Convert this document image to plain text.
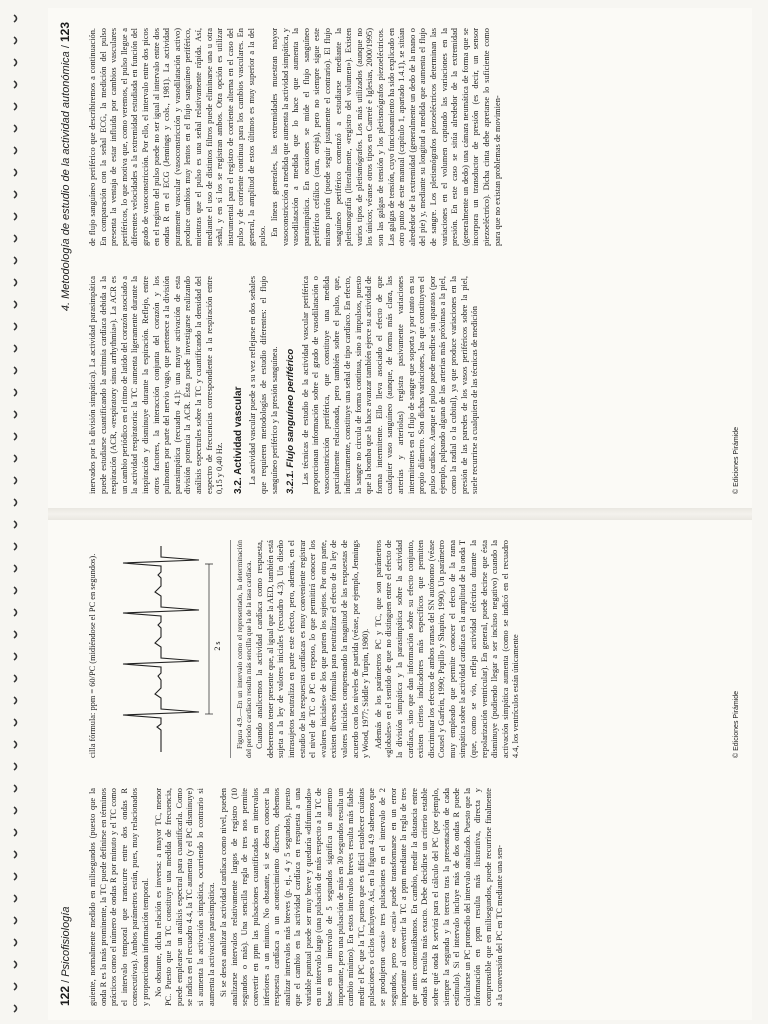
122 / Psicofisiología guiente, normalmente medido en milisegundos (puesto que la onda R es la más prominente, la TC puede definirse en términos prácticos como el número de ondas R por minuto y el TC como el intervalo temporal que transcurre entre dos ondas R consecutivas). Ambos parámetros están, pues, muy relacionados y proporcionan información temporal. No obstante, dicha relación es inversa: a mayor TC, menor PC. Puesto que la TC constituye una medida de frecuencia, puede emplearse un análisis espectral para cuantificarla. Como se indica en el recuadro 4.4, la TC aumenta (y el PC disminuye) si aumenta la activación simpática, ocurriendo lo contrario si aumenta la activación parasimpática. Si se desea analizar la actividad cardíaca como nivel, pueden analizarse intervalos relativamente largos de registro (10 segundos o más). Una sencilla regla de tres nos permite convertir en ppm las pulsaciones cuantificadas en intervalos inferiores a un minuto. No obstante, si se desea conocer la respuesta cardíaca a un acontecimiento discreto, debemos analizar intervalos más breves (p. ej., 4 y 5 segundos), puesto que el cambio en la actividad cardíaca en respuesta a una variable puntual puede ser muy breve y quedaría «difuminado» en un intervalo largo (una pulsación de más respecto a la TC de base en un intervalo de 5 segundos significa un aumento importante, pero una pulsación de más en 30 segundos resulta un cambio mínimo). En estos intervalos breves resulta más fiable medir el PC que la TC, puesto que es difícil establecer cuántas pulsaciones o ciclos incluyen. Así, en la figura 4.9 sabemos que se produjeron «casi» tres pulsaciones en el intervalo de 2 segundos, pero ese «casi» puede transformarse en un error importante al convertir la TC a ppm mediante la regla de tres que antes comentábamos. En cambio, medir la distancia entre ondas R resulta más exacto. Debe decidirse un criterio estable sobre qué onda R servirá para el cálculo del PC (por ejemplo, siempre la segunda y la tercera tras la presentación de cada estímulo). Si el intervalo incluye más de dos ondas R puede calcularse un PC promedio del intervalo analizado. Puesto que la información en ppm resulta más ilustrativa, directa y comprensible que en milisegundos, puede recurrirse finalmente a la conversión del PC en TC mediante una sen-

cilla fórmula: ppm = 60/PC (midiéndose el PC en segundos).	2 s Figura 4.9.—En un intervalo como el representado, la determinación del periodo cardíaco resulta más sencilla que la de la tasa cardíaca. Cuando analicemos la actividad cardíaca como respuesta, deberemos tener presente que, al igual que la AED, también está sujeta a la ley de valores iniciales (recuadro 4.3). Un diseño intrasujetos neutraliza en parte este efecto, pero, además, en el estudio de las respuestas cardíacas es muy conveniente registrar el nivel de TC o PC en reposo, lo que permitirá conocer los «valores iniciales» de los que parten los sujetos. Por otra parte, existen diversas fórmulas para neutralizar el efecto de la ley de valores iniciales compensando la magnitud de las respuestas de acuerdo con los niveles de partida (véase, por ejemplo, Jennings y Wood, 1977; Siddle y Turpin, 1980). Además de los parámetros PC y TC, que son parámetros «globales» en el sentido de que no distinguen entre el efecto de la división simpática y la parasimpática sobre la actividad cardíaca, sino que dan información sobre su efecto conjunto, existen ciertos indicadores más específicos que permiten discriminar los efectos de ambos ramas del SN autónomo (véase Cousel y Garfein, 1990; Papillo y Shapiro, 1990). Un parámetro muy empleado que permite conocer el efecto de la rama simpática sobre la actividad cardíaca es la amplitud de la onda T (que, como se vio, refleja actividad eléctrica durante la repolarización ventricular). En general, puede decirse que ésta disminuye (pudiendo llegar a ser incluso negativo) cuando la activación simpática aumenta (como se indicó en el recuadro 4.4, los ventrículos están únicamente	© Ediciones Pirámide
4. Metodología de estudio de la actividad autonómica / 123

inervados por la división simpática). La actividad parasimpática puede estudiarse cuantificando la arritmia cardíaca debida a la respiración (ACR, «respiratory sinus arrhythmia»). La ACR es un cambio periódico en el ritmo de latido del corazón asociado a la actividad respiratoria: la TC aumenta ligeramente durante la inspiración y disminuye durante la espiración. Reflejo, entre otros factores, la interacción conjunta del corazón y los pulmones por parte del nervio vago, que pertenece a la división parasimpática (recuadro 4.1): una mayor activación de esta división potencia la ACR. Ésta puede investigarse realizando análisis espectrales sobre la TC y cuantificando la densidad del espectro de frecuencias correspondiente a la respiración entre 0,15 y 0,40 Hz. 3.2. Actividad vascular La actividad vascular puede a su vez reflejarse en dos señales que requieren metodologías de estudio diferentes: el flujo sanguíneo periférico y la presión sanguínea. 3.2.1. Flujo sanguíneo periférico Las técnicas de estudio de la actividad vascular periférica proporcionan información sobre el grado de vasodilatación o vasoconstricción periférica, que constituye una medida parcialmente relacionada, pero también sobre el pulso, que, indirectamente, constituye una señal de tipo cardíaco. En efecto, la sangre no circula de forma continua, sino a impulsos, puesto que la bomba que la hace avanzar también ejerce su actividad de forma intermitente. Ello lleva asociado el efecto de que cualquier vaso sanguíneo (aunque, de forma más clara, las arterias y arteriolas) registra pasivamente variaciones intermitentes en el flujo de sangre que soporta y por tanto en su propio diámetro. Son dichas variaciones, las que constituyen el pulso cardíaco. Aunque el pulso puede medirse sin aparatos (por ejemplo, palpando alguna de las arterias más próximas a la piel, como la radial o la cubital), ya que produce variaciones en la presión de las paredes de los vasos periféricos sobre la piel, suele recurrirse a cualquiera de las técnicas de medición

de flujo sanguíneo periférico que describiremos a continuación. En comparación con la señal ECG, la medición del pulso presenta la ventaja de estar influida por cambios vasculares periféricos, lo que motiva que, como veremos, el pulso llegue a diferentes velocidades a la extremidad estudiada en función del grado de vasoconstricción. Por ello, el intervalo entre dos picos en el registro del pulso puede no ser igual al intervalo entre dos ondas R en el ECG (Jennings y cols., 1981). La actividad puramente vascular (vasoconstricción y vasodilatación activo) produce cambios muy lentos en el flujo sanguíneo periférico, mientras que el pulso es una señal relativamente rápida. Así, mediante el uso de distintos filtros puede eliminarse una u otra señal, y en sí los se registran ambos. Otra opción es utilizar instrumental para el registro de corriente alterna en el caso del pulso y de corriente continua para los cambios vasculares. En general, la amplitud de estos últimos es muy superior a la del pulso. En líneas generales, las extremidades muestran mayor vasoconstricción a medida que aumenta la actividad simpática, y vasodilatación a medida que lo hace que aumenta la parasimpática. En ocasiones se mide el flujo sanguíneo periférico cefálico (cara, oreja), pero no siempre sigue este mismo patrón (puede seguir justamente el contrario). El flujo sanguíneo periférico comenzó a estudiarse mediante la pletismografía (literalmente, «registro del volumen»). Existen varios tipos de pletismógrafos. Los más utilizados (aunque no los únicos; véanse otros tipos en Carreté e Iglesias, 2000/1995) son las galgas de tensión y los pletismógrafos piezoeléctricos. Las galgas de tensión, cuyo funcionamiento ha sido explicado en otro punto de este manual (capítulo 1, apartado 1.4.1), se sitúan alrededor de la extremidad (generalmente un dedo de la mano o del pie) y, mediante su longitud a medida que aumenta el flujo de sangre. Los pletismógrafos piezoeléctricos determinan las variaciones en el volumen captando las variaciones en la presión. En este caso se sitúa alrededor de la extremidad (generalmente un dedo) una cámara neumática de forma que se incorpora un transductor de presión (es decir, un sensor piezoeléctrico). Dicha cinta debe apretarse lo suficiente como para que no existan problemas de movimien-

© Ediciones Pirámide
